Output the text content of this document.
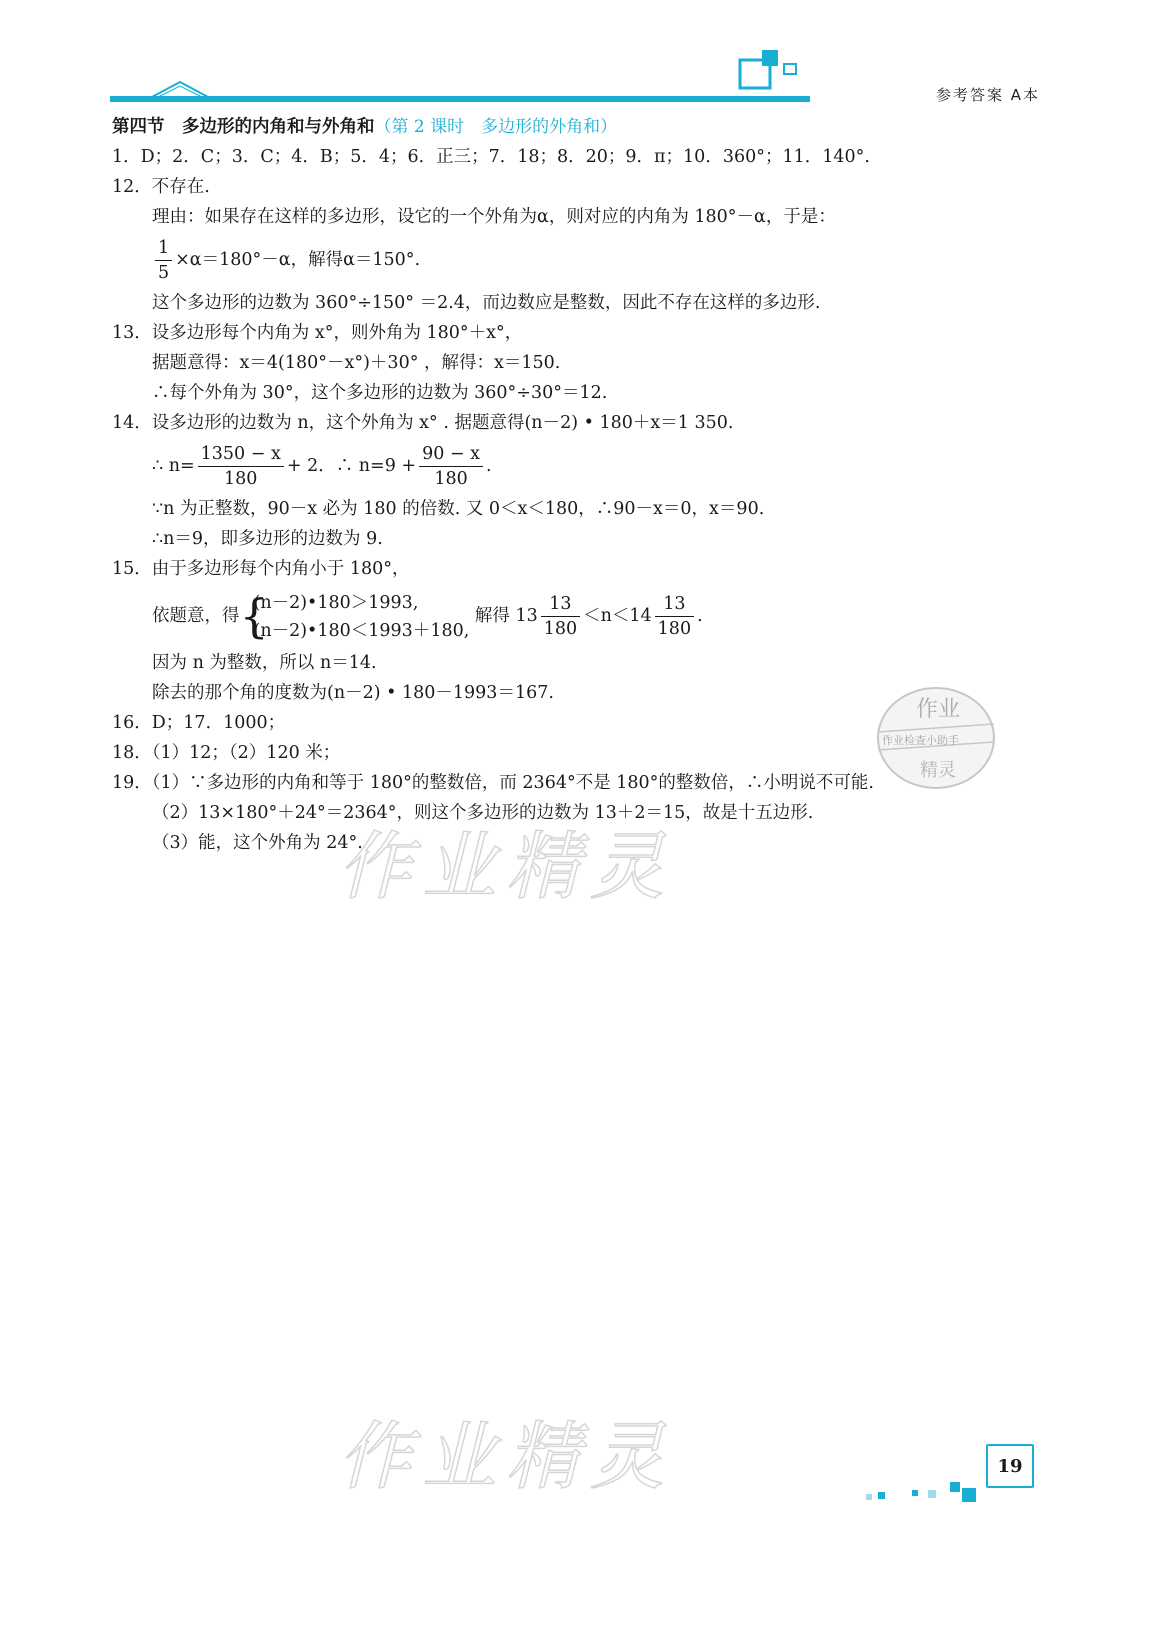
参考答案 A本
第四节　多边形的内角和与外角和（第 2 课时　多边形的外角和）
1．D；2．C；3．C；4．B；5．4；6．正三；7．18；8．20；9．π；10．360°；11．140°.
12．不存在.
理由：如果存在这样的多边形，设它的一个外角为α，则对应的内角为 180°－α，于是：
$\frac{1}{5} \times\alpha=180^\circ-\alpha$，解得α＝150°.
这个多边形的边数为 360°÷150° ＝2.4，而边数应是整数，因此不存在这样的多边形.
13．设多边形每个内角为 x°，则外角为 180°＋x°，
据题意得：x＝4(180°－x°)＋30° ，解得：x＝150.
∴每个外角为 30°，这个多边形的边数为 360°÷30°＝12.
14．设多边形的边数为 n，这个外角为 x° . 据题意得(n－2) • 180＋x＝1 350.
∴ $n= \frac{1350 - x}{180} + 2$．∴ $n=9 + \frac{90 - x}{180}$ .
∵n 为正整数，90－x 必为 180 的倍数. 又 0＜x＜180，∴90－x＝0，x＝90.
∴n＝9，即多边形的边数为 9.
15．由于多边形每个内角小于 180°，
依题意，得 {
(n－2)•180＞1993,
(n－2)•180＜1993＋180,
解得 $13 \frac{13}{180} <n<14 \frac{13}{180}$ .
因为 n 为整数，所以 n＝14.
除去的那个角的度数为(n－2) • 180－1993＝167.
16．D；17．1000；
18．（1）12；（2）120 米；
19．（1）∵多边形的内角和等于 180°的整数倍，而 2364°不是 180°的整数倍，∴小明说不可能.
（2）13×180°＋24°＝2364°，则这个多边形的边数为 13＋2＝15，故是十五边形.
（3）能，这个外角为 24°.
作业
作业检查小助手
精灵
作业精灵
作业精灵	19
